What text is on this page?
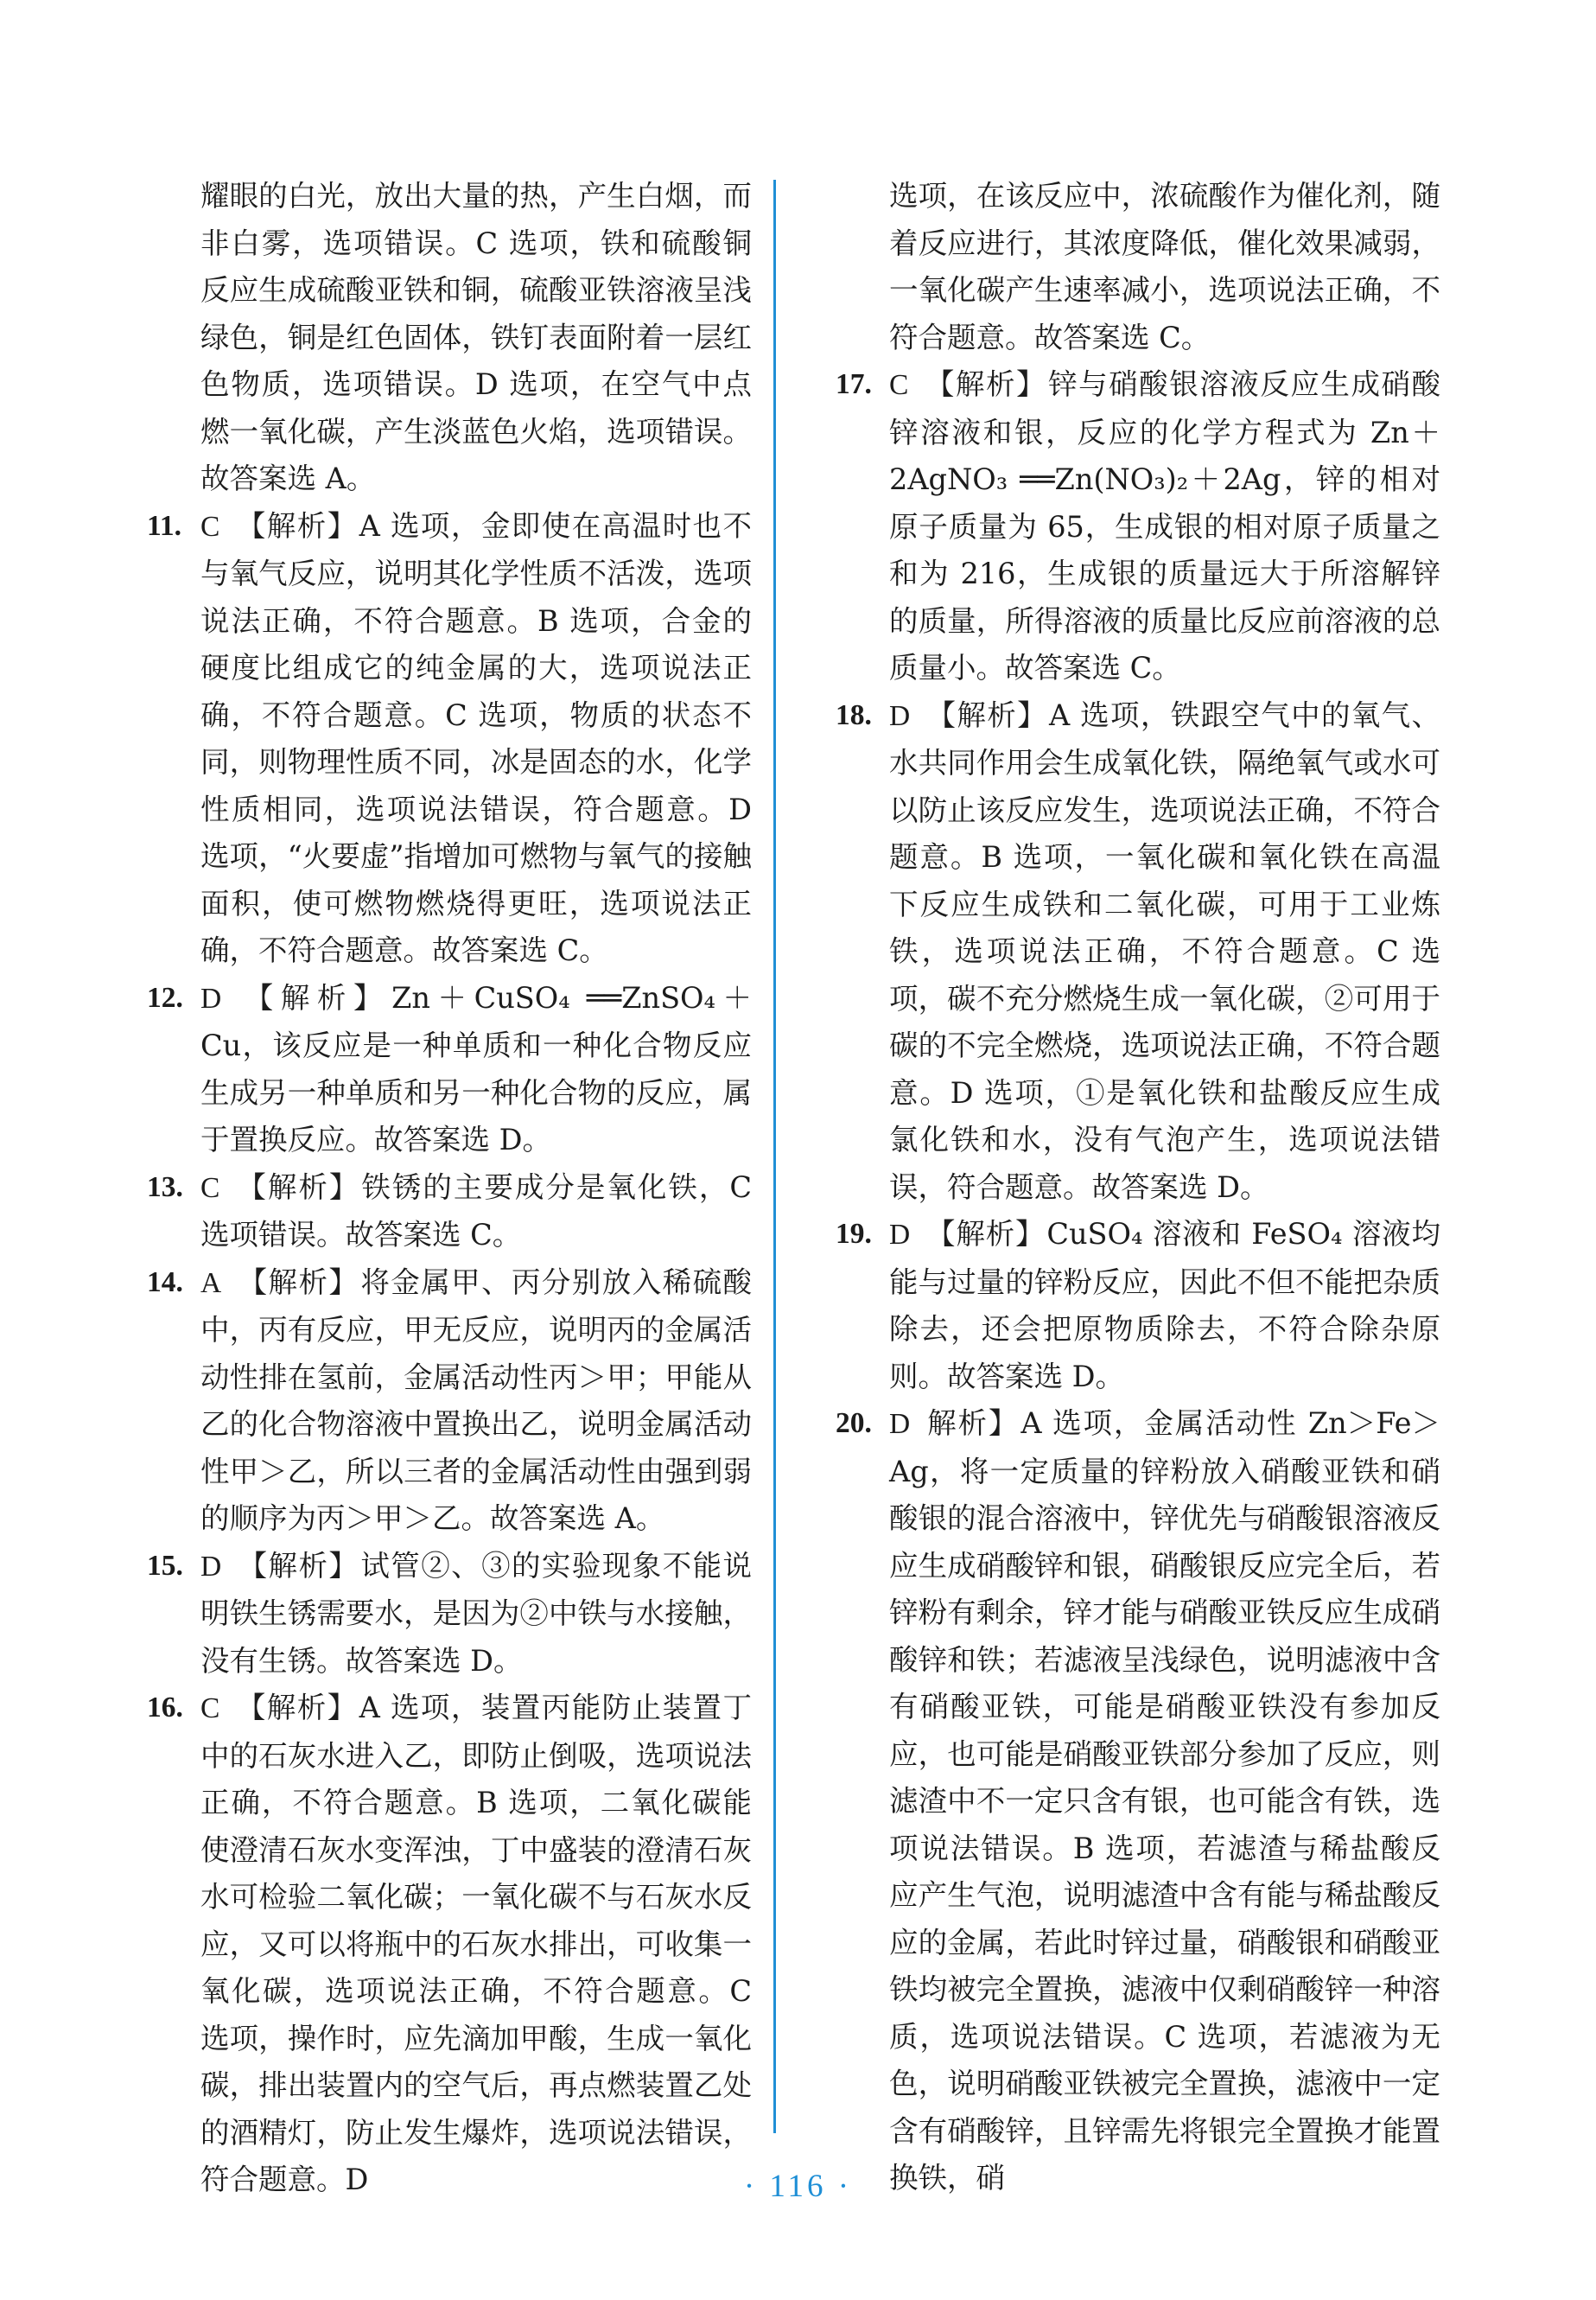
耀眼的白光，放出大量的热，产生白烟，而非白雾，选项错误。C 选项，铁和硫酸铜反应生成硫酸亚铁和铜，硫酸亚铁溶液呈浅绿色，铜是红色固体，铁钉表面附着一层红色物质，选项错误。D 选项，在空气中点燃一氧化碳，产生淡蓝色火焰，选项错误。故答案选 A。

11. C 【解析】A 选项，金即使在高温时也不与氧气反应，说明其化学性质不活泼，选项说法正确，不符合题意。B 选项，合金的硬度比组成它的纯金属的大，选项说法正确，不符合题意。C 选项，物质的状态不同，则物理性质不同，冰是固态的水，化学性质相同，选项说法错误，符合题意。D 选项，“火要虚”指增加可燃物与氧气的接触面积，使可燃物燃烧得更旺，选项说法正确，不符合题意。故答案选 C。
12. D 【解析】Zn＋CuSO₄ ══ZnSO₄＋Cu，该反应是一种单质和一种化合物反应生成另一种单质和另一种化合物的反应，属于置换反应。故答案选 D。
13. C 【解析】铁锈的主要成分是氧化铁，C 选项错误。故答案选 C。
14. A 【解析】将金属甲、丙分别放入稀硫酸中，丙有反应，甲无反应，说明丙的金属活动性排在氢前，金属活动性丙＞甲；甲能从乙的化合物溶液中置换出乙，说明金属活动性甲＞乙，所以三者的金属活动性由强到弱的顺序为丙＞甲＞乙。故答案选 A。
15. D 【解析】试管②、③的实验现象不能说明铁生锈需要水，是因为②中铁与水接触，没有生锈。故答案选 D。
16. C 【解析】A 选项，装置丙能防止装置丁中的石灰水进入乙，即防止倒吸，选项说法正确，不符合题意。B 选项，二氧化碳能使澄清石灰水变浑浊，丁中盛装的澄清石灰水可检验二氧化碳；一氧化碳不与石灰水反应，又可以将瓶中的石灰水排出，可收集一氧化碳，选项说法正确，不符合题意。C 选项，操作时，应先滴加甲酸，生成一氧化碳，排出装置内的空气后，再点燃装置乙处的酒精灯，防止发生爆炸，选项说法错误，符合题意。D

选项，在该反应中，浓硫酸作为催化剂，随着反应进行，其浓度降低，催化效果减弱，一氧化碳产生速率减小，选项说法正确，不符合题意。故答案选 C。

17. C 【解析】锌与硝酸银溶液反应生成硝酸锌溶液和银，反应的化学方程式为 Zn＋2AgNO₃ ══Zn(NO₃)₂＋2Ag，锌的相对原子质量为 65，生成银的相对原子质量之和为 216，生成银的质量远大于所溶解锌的质量，所得溶液的质量比反应前溶液的总质量小。故答案选 C。
18. D 【解析】A 选项，铁跟空气中的氧气、水共同作用会生成氧化铁，隔绝氧气或水可以防止该反应发生，选项说法正确，不符合题意。B 选项，一氧化碳和氧化铁在高温下反应生成铁和二氧化碳，可用于工业炼铁，选项说法正确，不符合题意。C 选项，碳不充分燃烧生成一氧化碳，②可用于碳的不完全燃烧，选项说法正确，不符合题意。D 选项，①是氧化铁和盐酸反应生成氯化铁和水，没有气泡产生，选项说法错误，符合题意。故答案选 D。
19. D 【解析】CuSO₄ 溶液和 FeSO₄ 溶液均能与过量的锌粉反应，因此不但不能把杂质除去，还会把原物质除去，不符合除杂原则。故答案选 D。
20. D 解析】A 选项，金属活动性 Zn＞Fe＞Ag，将一定质量的锌粉放入硝酸亚铁和硝酸银的混合溶液中，锌优先与硝酸银溶液反应生成硝酸锌和银，硝酸银反应完全后，若锌粉有剩余，锌才能与硝酸亚铁反应生成硝酸锌和铁；若滤液呈浅绿色，说明滤液中含有硝酸亚铁，可能是硝酸亚铁没有参加反应，也可能是硝酸亚铁部分参加了反应，则滤渣中不一定只含有银，也可能含有铁，选项说法错误。B 选项，若滤渣与稀盐酸反应产生气泡，说明滤渣中含有能与稀盐酸反应的金属，若此时锌过量，硝酸银和硝酸亚铁均被完全置换，滤液中仅剩硝酸锌一种溶质，选项说法错误。C 选项，若滤液为无色，说明硝酸亚铁被完全置换，滤液中一定含有硝酸锌，且锌需先将银完全置换才能置换铁，硝
· 116 ·
